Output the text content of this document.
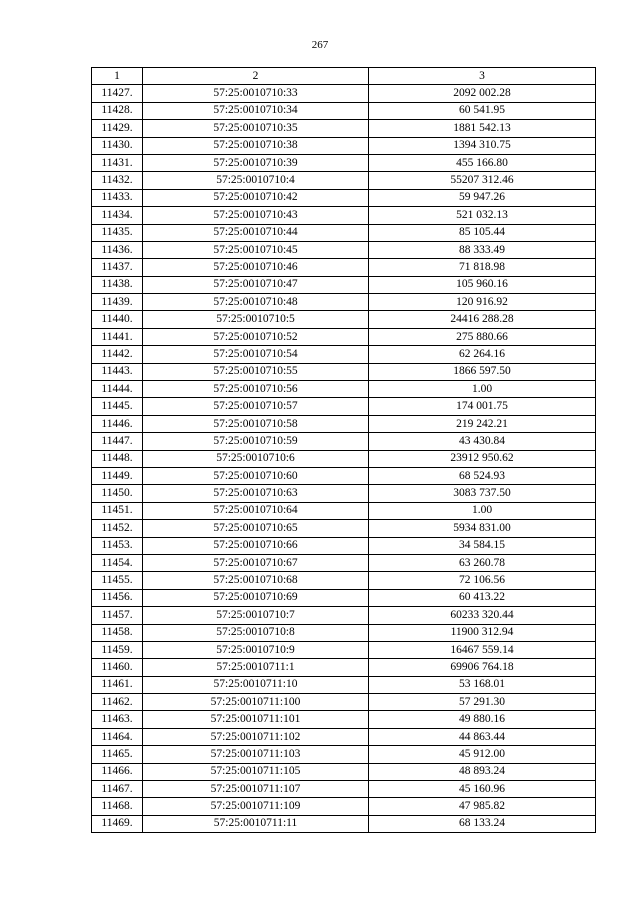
267
1	2	3
11427.	57:25:0010710:33	2092 002.28
11428.	57:25:0010710:34	60 541.95
11429.	57:25:0010710:35	1881 542.13
11430.	57:25:0010710:38	1394 310.75
11431.	57:25:0010710:39	455 166.80
11432.	57:25:0010710:4	55207 312.46
11433.	57:25:0010710:42	59 947.26
11434.	57:25:0010710:43	521 032.13
11435.	57:25:0010710:44	85 105.44
11436.	57:25:0010710:45	88 333.49
11437.	57:25:0010710:46	71 818.98
11438.	57:25:0010710:47	105 960.16
11439.	57:25:0010710:48	120 916.92
11440.	57:25:0010710:5	24416 288.28
11441.	57:25:0010710:52	275 880.66
11442.	57:25:0010710:54	62 264.16
11443.	57:25:0010710:55	1866 597.50
11444.	57:25:0010710:56	1.00
11445.	57:25:0010710:57	174 001.75
11446.	57:25:0010710:58	219 242.21
11447.	57:25:0010710:59	43 430.84
11448.	57:25:0010710:6	23912 950.62
11449.	57:25:0010710:60	68 524.93
11450.	57:25:0010710:63	3083 737.50
11451.	57:25:0010710:64	1.00
11452.	57:25:0010710:65	5934 831.00
11453.	57:25:0010710:66	34 584.15
11454.	57:25:0010710:67	63 260.78
11455.	57:25:0010710:68	72 106.56
11456.	57:25:0010710:69	60 413.22
11457.	57:25:0010710:7	60233 320.44
11458.	57:25:0010710:8	11900 312.94
11459.	57:25:0010710:9	16467 559.14
11460.	57:25:0010711:1	69906 764.18
11461.	57:25:0010711:10	53 168.01
11462.	57:25:0010711:100	57 291.30
11463.	57:25:0010711:101	49 880.16
11464.	57:25:0010711:102	44 863.44
11465.	57:25:0010711:103	45 912.00
11466.	57:25:0010711:105	48 893.24
11467.	57:25:0010711:107	45 160.96
11468.	57:25:0010711:109	47 985.82
11469.	57:25:0010711:11	68 133.24
